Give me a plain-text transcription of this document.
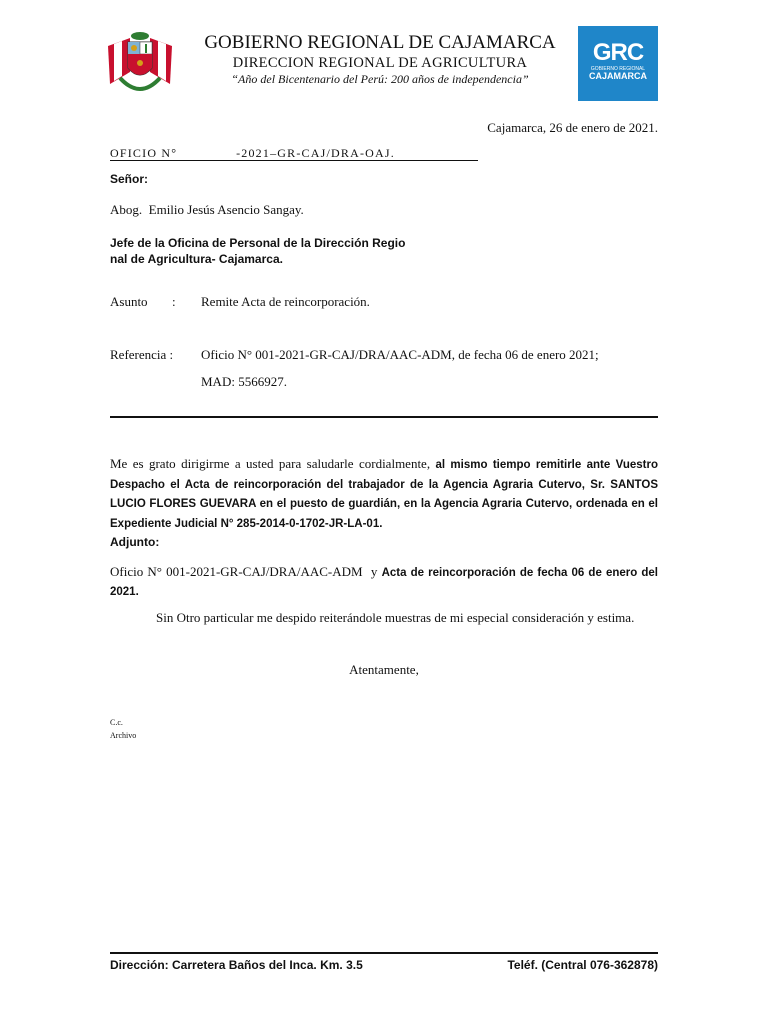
GOBIERNO REGIONAL DE CAJAMARCA
DIRECCION REGIONAL DE AGRICULTURA
“Año del Bicentenario del Perú: 200 años de independencia”
GRC
GOBIERNO REGIONAL
CAJAMARCA
Cajamarca, 26 de enero de 2021.
OFICIO N°              -2021–GR-CAJ/DRA-OAJ.
Señor:
Abog.  Emilio Jesús Asencio Sangay.
Jefe de la Oficina de Personal de la Dirección Regio
nal de Agricultura- Cajamarca.
Asunto : Remite Acta de reincorporación.
Referencia : Oficio N° 001-2021-GR-CAJ/DRA/AAC-ADM, de fecha 06 de enero 2021;
MAD: 5566927.
Me es grato dirigirme a usted para saludarle cordialmente, al mismo tiempo remitirle ante Vuestro Despacho el Acta de reincorporación del trabajador de la Agencia Agraria Cutervo, Sr. SANTOS LUCIO FLORES GUEVARA en el puesto de guardián, en la Agencia Agraria Cutervo, ordenada en el Expediente Judicial N° 285-2014-0-1702-JR-LA-01.
Adjunto:
Oficio N° 001-2021-GR-CAJ/DRA/AAC-ADM  y Acta de reincorporación de fecha 06 de enero del 2021.
Sin Otro particular me despido reiterándole muestras de mi especial consideración y estima.
Atentamente,
C.c.
Archivo
Dirección: Carretera Baños del Inca. Km. 3.5	Teléf. (Central 076-362878)
